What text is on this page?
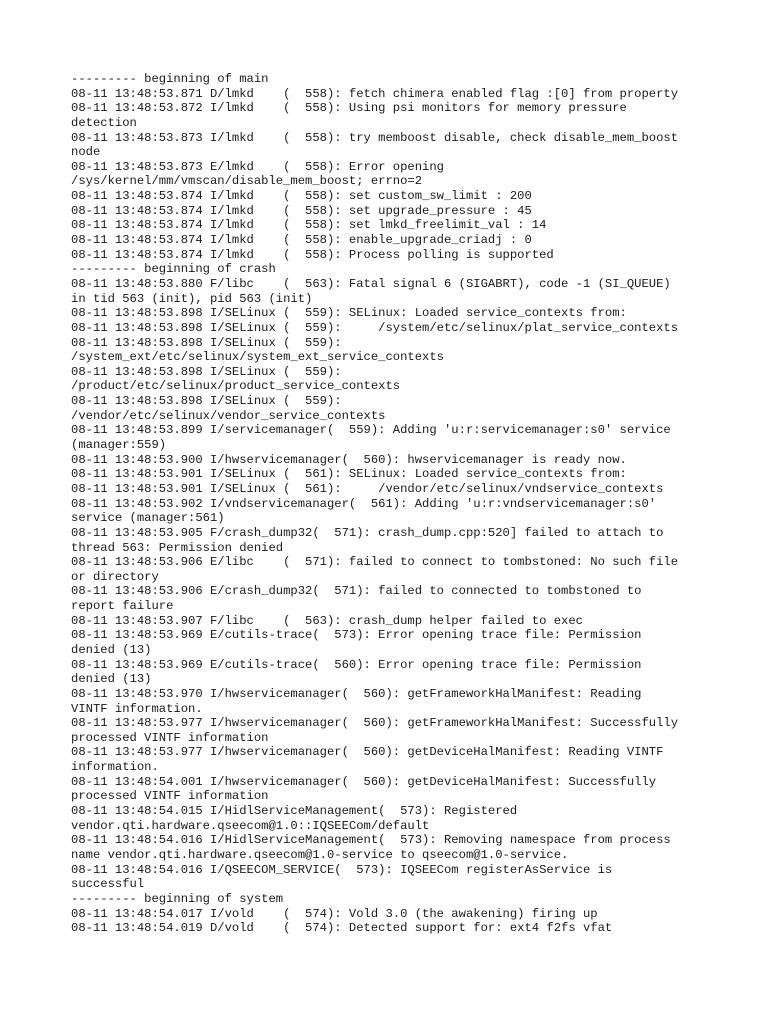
--------- beginning of main
08-11 13:48:53.871 D/lmkd    (  558): fetch chimera enabled flag :[0] from property
08-11 13:48:53.872 I/lmkd    (  558): Using psi monitors for memory pressure
detection
08-11 13:48:53.873 I/lmkd    (  558): try memboost disable, check disable_mem_boost
node
08-11 13:48:53.873 E/lmkd    (  558): Error opening
/sys/kernel/mm/vmscan/disable_mem_boost; errno=2
08-11 13:48:53.874 I/lmkd    (  558): set custom_sw_limit : 200
08-11 13:48:53.874 I/lmkd    (  558): set upgrade_pressure : 45
08-11 13:48:53.874 I/lmkd    (  558): set lmkd_freelimit_val : 14
08-11 13:48:53.874 I/lmkd    (  558): enable_upgrade_criadj : 0
08-11 13:48:53.874 I/lmkd    (  558): Process polling is supported
--------- beginning of crash
08-11 13:48:53.880 F/libc    (  563): Fatal signal 6 (SIGABRT), code -1 (SI_QUEUE)
in tid 563 (init), pid 563 (init)
08-11 13:48:53.898 I/SELinux (  559): SELinux: Loaded service_contexts from:
08-11 13:48:53.898 I/SELinux (  559):     /system/etc/selinux/plat_service_contexts
08-11 13:48:53.898 I/SELinux (  559):
/system_ext/etc/selinux/system_ext_service_contexts
08-11 13:48:53.898 I/SELinux (  559):
/product/etc/selinux/product_service_contexts
08-11 13:48:53.898 I/SELinux (  559):
/vendor/etc/selinux/vendor_service_contexts
08-11 13:48:53.899 I/servicemanager(  559): Adding 'u:r:servicemanager:s0' service
(manager:559)
08-11 13:48:53.900 I/hwservicemanager(  560): hwservicemanager is ready now.
08-11 13:48:53.901 I/SELinux (  561): SELinux: Loaded service_contexts from:
08-11 13:48:53.901 I/SELinux (  561):     /vendor/etc/selinux/vndservice_contexts
08-11 13:48:53.902 I/vndservicemanager(  561): Adding 'u:r:vndservicemanager:s0'
service (manager:561)
08-11 13:48:53.905 F/crash_dump32(  571): crash_dump.cpp:520] failed to attach to
thread 563: Permission denied
08-11 13:48:53.906 E/libc    (  571): failed to connect to tombstoned: No such file
or directory
08-11 13:48:53.906 E/crash_dump32(  571): failed to connected to tombstoned to
report failure
08-11 13:48:53.907 F/libc    (  563): crash_dump helper failed to exec
08-11 13:48:53.969 E/cutils-trace(  573): Error opening trace file: Permission
denied (13)
08-11 13:48:53.969 E/cutils-trace(  560): Error opening trace file: Permission
denied (13)
08-11 13:48:53.970 I/hwservicemanager(  560): getFrameworkHalManifest: Reading
VINTF information.
08-11 13:48:53.977 I/hwservicemanager(  560): getFrameworkHalManifest: Successfully
processed VINTF information
08-11 13:48:53.977 I/hwservicemanager(  560): getDeviceHalManifest: Reading VINTF
information.
08-11 13:48:54.001 I/hwservicemanager(  560): getDeviceHalManifest: Successfully
processed VINTF information
08-11 13:48:54.015 I/HidlServiceManagement(  573): Registered
vendor.qti.hardware.qseecom@1.0::IQSEECom/default
08-11 13:48:54.016 I/HidlServiceManagement(  573): Removing namespace from process
name vendor.qti.hardware.qseecom@1.0-service to qseecom@1.0-service.
08-11 13:48:54.016 I/QSEECOM_SERVICE(  573): IQSEECom registerAsService is
successful
--------- beginning of system
08-11 13:48:54.017 I/vold    (  574): Vold 3.0 (the awakening) firing up
08-11 13:48:54.019 D/vold    (  574): Detected support for: ext4 f2fs vfat
